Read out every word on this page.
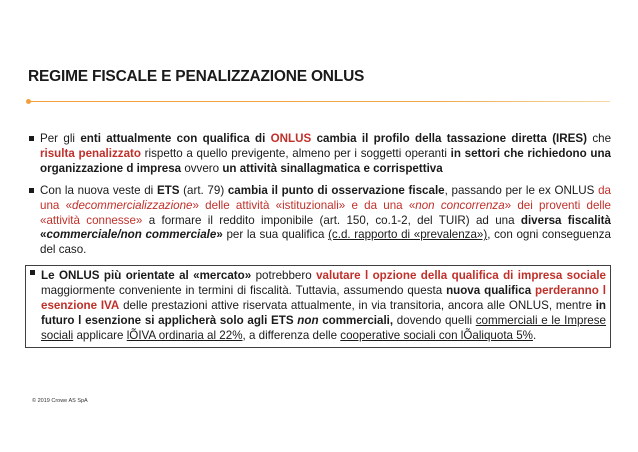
REGIME FISCALE E PENALIZZAZIONE ONLUS
Per gli enti attualmente con qualifica di ONLUS cambia il profilo della tassazione diretta (IRES) che risulta penalizzato rispetto a quello previgente, almeno per i soggetti operanti in settori che richiedono una organizzazione d impresa ovvero un attività sinallagmatica e corrispettiva
Con la nuova veste di ETS (art. 79) cambia il punto di osservazione fiscale, passando per le ex ONLUS da una «decommercializzazione» delle attività «istituzionali» e da una «non concorrenza» dei proventi delle «attività connesse» a formare il reddito imponibile (art. 150, co.1-2, del TUIR) ad una diversa fiscalità «commerciale/non commerciale» per la sua qualifica (c.d. rapporto di «prevalenza»), con ogni conseguenza del caso.
Le ONLUS più orientate al «mercato» potrebbero valutare l opzione della qualifica di impresa sociale maggiormente conveniente in termini di fiscalità. Tuttavia, assumendo questa nuova qualifica perderanno l esenzione IVA delle prestazioni attive riservata attualmente, in via transitoria, ancora alle ONLUS, mentre in futuro l esenzione si applicherà solo agli ETS non commerciali, dovendo quelli commerciali e le Imprese sociali applicare lÕIVA ordinaria al 22%, a differenza delle cooperative sociali con lÕaliquota 5%.
© 2019 Crowe AS SpA
